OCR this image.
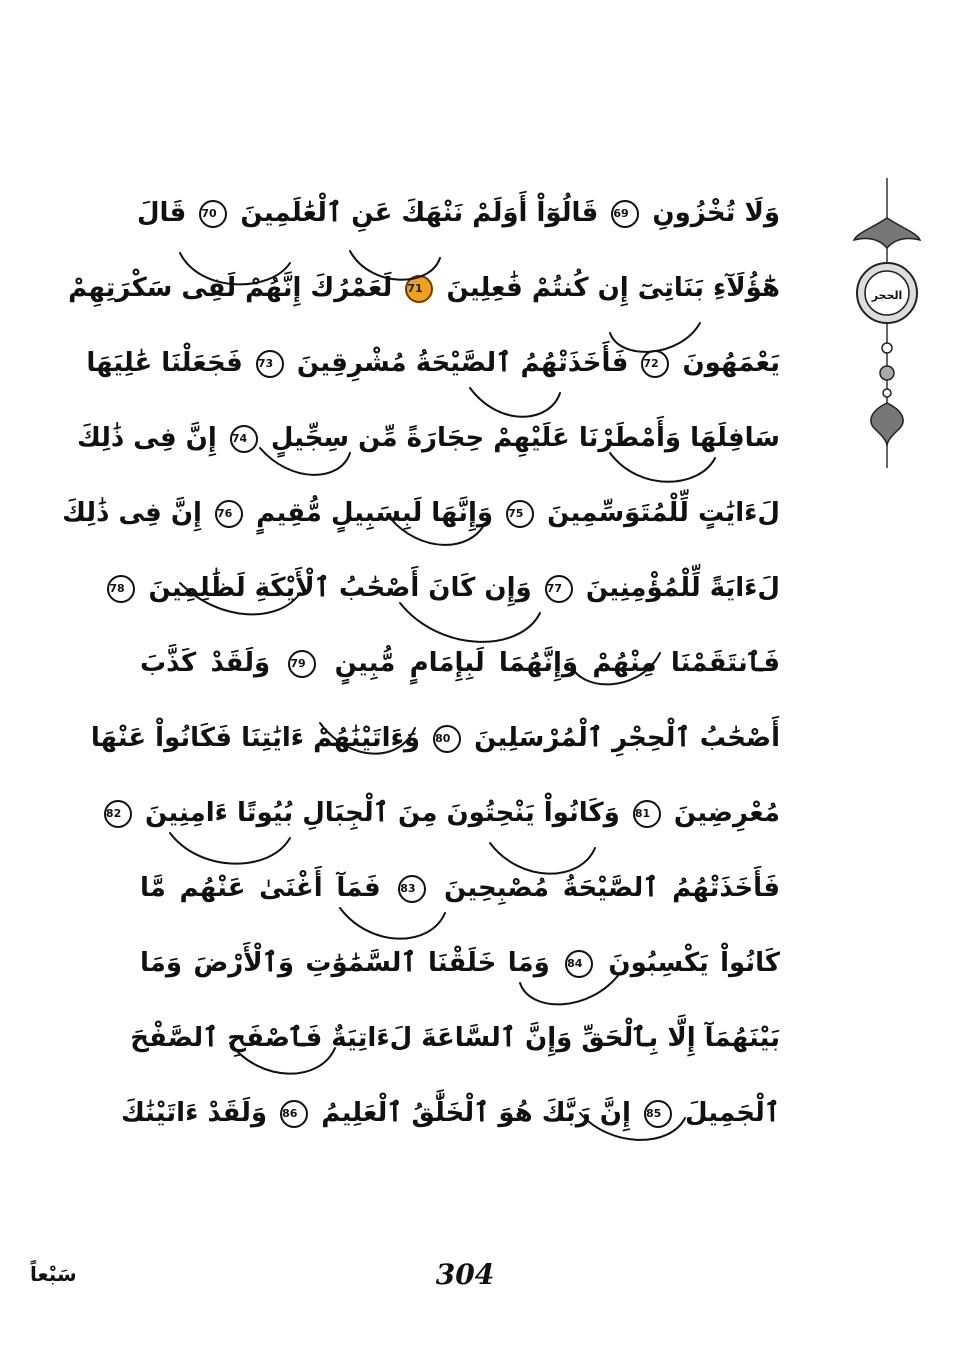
وَلَا تُخْزُونِ 69 قَالُوٓاْ أَوَلَمْ نَنْهَكَ عَنِ ٱلْعَٰلَمِينَ 70 قَالَ
هَٰٓؤُلَآءِ بَنَاتِىٓ إِن كُنتُمْ فَٰعِلِينَ 71 لَعَمْرُكَ إِنَّهُمْ لَفِى سَكْرَتِهِمْ
يَعْمَهُونَ 72 فَأَخَذَتْهُمُ ٱلصَّيْحَةُ مُشْرِقِينَ 73 فَجَعَلْنَا عَٰلِيَهَا
سَافِلَهَا وَأَمْطَرْنَا عَلَيْهِمْ حِجَارَةً مِّن سِجِّيلٍ 74 إِنَّ فِى ذَٰلِكَ
لَءَايَٰتٍ لِّلْمُتَوَسِّمِينَ 75 وَإِنَّهَا لَبِسَبِيلٍ مُّقِيمٍ 76 إِنَّ فِى ذَٰلِكَ
لَءَايَةً لِّلْمُؤْمِنِينَ 77 وَإِن كَانَ أَصْحَٰبُ ٱلْأَيْكَةِ لَظَٰلِمِينَ 78
فَٱنتَقَمْنَا مِنْهُمْ وَإِنَّهُمَا لَبِإِمَامٍ مُّبِينٍ 79 وَلَقَدْ كَذَّبَ
أَصْحَٰبُ ٱلْحِجْرِ ٱلْمُرْسَلِينَ 80 وَءَاتَيْنَٰهُمْ ءَايَٰتِنَا فَكَانُواْ عَنْهَا
مُعْرِضِينَ 81 وَكَانُواْ يَنْحِتُونَ مِنَ ٱلْجِبَالِ بُيُوتًا ءَامِنِينَ 82
فَأَخَذَتْهُمُ ٱلصَّيْحَةُ مُصْبِحِينَ 83 فَمَآ أَغْنَىٰ عَنْهُم مَّا
كَانُواْ يَكْسِبُونَ 84 وَمَا خَلَقْنَا ٱلسَّمَٰوَٰتِ وَٱلْأَرْضَ وَمَا
بَيْنَهُمَآ إِلَّا بِٱلْحَقِّ وَإِنَّ ٱلسَّاعَةَ لَءَاتِيَةٌ فَٱصْفَحِ ٱلصَّفْحَ
ٱلْجَمِيلَ 85 إِنَّ رَبَّكَ هُوَ ٱلْخَلَّٰقُ ٱلْعَلِيمُ 86 وَلَقَدْ ءَاتَيْنَٰكَ
الحجر
سَبْعاً	304
